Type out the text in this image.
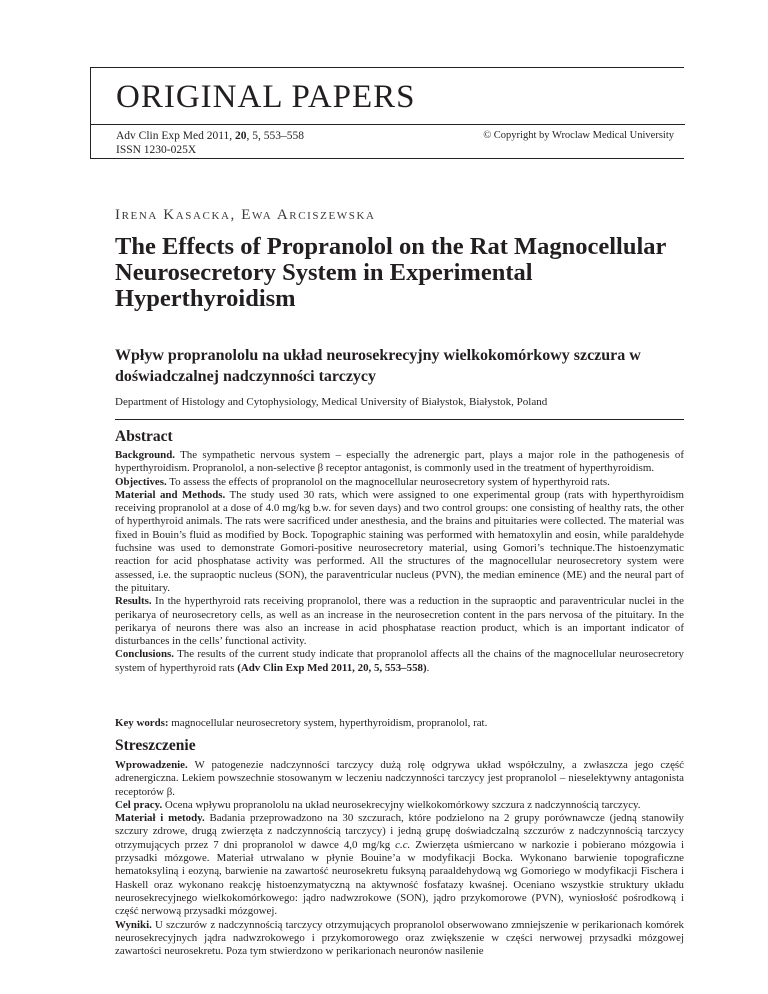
ORIGINAL PAPERS
Adv Clin Exp Med 2011, 20, 5, 553–558
ISSN 1230-025X
© Copyright by Wroclaw Medical University
Irena Kasacka, Ewa Arciszewska
The Effects of Propranolol on the Rat Magnocellular Neurosecretory System in Experimental Hyperthyroidism
Wpływ propranololu na układ neurosekrecyjny wielkokomórkowy szczura w doświadczalnej nadczynności tarczycy
Department of Histology and Cytophysiology, Medical University of Białystok, Białystok, Poland
Abstract

Background. The sympathetic nervous system – especially the adrenergic part, plays a major role in the pathogenesis of hyperthyroidism. Propranolol, a non-selective β receptor antagonist, is commonly used in the treatment of hyperthyroidism.

Objectives. To assess the effects of propranolol on the magnocellular neurosecretory system of hyperthyroid rats.

Material and Methods. The study used 30 rats, which were assigned to one experimental group (rats with hyperthyroidism receiving propranolol at a dose of 4.0 mg/kg b.w. for seven days) and two control groups: one consisting of healthy rats, the other of hyperthyroid animals. The rats were sacrificed under anesthesia, and the brains and pituitaries were collected. The material was fixed in Bouin’s fluid as modified by Bock. Topographic staining was performed with hematoxylin and eosin, while paraldehyde fuchsine was used to demonstrate Gomori-positive neurosecretory material, using Gomori’s technique.The histoenzymatic reaction for acid phosphatase activity was performed. All the structures of the magnocellular neurosecretory system were assessed, i.e. the supraoptic nucleus (SON), the paraventricular nucleus (PVN), the median eminence (ME) and the neural part of the pituitary.

Results. In the hyperthyroid rats receiving propranolol, there was a reduction in the supraoptic and paraventricular nuclei in the perikarya of neurosecretory cells, as well as an increase in the neurosecretion content in the pars nervosa of the pituitary. In the perikarya of neurons there was also an increase in acid phosphatase reaction product, which is an important indicator of disturbances in the cells’ functional activity.

Conclusions. The results of the current study indicate that propranolol affects all the chains of the magnocellular neurosecretory system of hyperthyroid rats (Adv Clin Exp Med 2011, 20, 5, 553–558).

Key words: magnocellular neurosecretory system, hyperthyroidism, propranolol, rat.
Streszczenie

Wprowadzenie. W patogenezie nadczynności tarczycy dużą rolę odgrywa układ współczulny, a zwłaszcza jego część adrenergiczna. Lekiem powszechnie stosowanym w leczeniu nadczynności tarczycy jest propranolol – nieselektywny antagonista receptorów β.

Cel pracy. Ocena wpływu propranololu na układ neurosekrecyjny wielkokomórkowy szczura z nadczynnością tarczycy.

Materiał i metody. Badania przeprowadzono na 30 szczurach, które podzielono na 2 grupy porównawcze (jedną stanowiły szczury zdrowe, drugą zwierzęta z nadczynnością tarczycy) i jedną grupę doświadczalną szczurów z nadczynnością tarczycy otrzymujących przez 7 dni propranolol w dawce 4,0 mg/kg c.c. Zwierzęta uśmiercano w narkozie i pobierano mózgowia i przysadki mózgowe. Materiał utrwalano w płynie Bouine’a w modyfikacji Bocka. Wykonano barwienie topograficzne hematoksyliną i eozyną, barwienie na zawartość neurosekretu fuksyną paraaldehydową wg Gomoriego w modyfikacji Fischera i Haskell oraz wykonano reakcję histoenzymatyczną na aktywność fosfatazy kwaśnej. Oceniano wszystkie struktury układu neurosekrecyjnego wielkokomórkowego: jądro nadwzrokowe (SON), jądro przykomorowe (PVN), wyniosłość pośrodkową i część nerwową przysadki mózgowej.

Wyniki. U szczurów z nadczynnością tarczycy otrzymujących propranolol obserwowano zmniejszenie w perikarionach komórek neurosekrecyjnych jądra nadwzrokowego i przykomorowego oraz zwiększenie w części nerwowej przysadki mózgowej zawartości neurosekretu. Poza tym stwierdzono w perikarionach neuronów nasilenie
